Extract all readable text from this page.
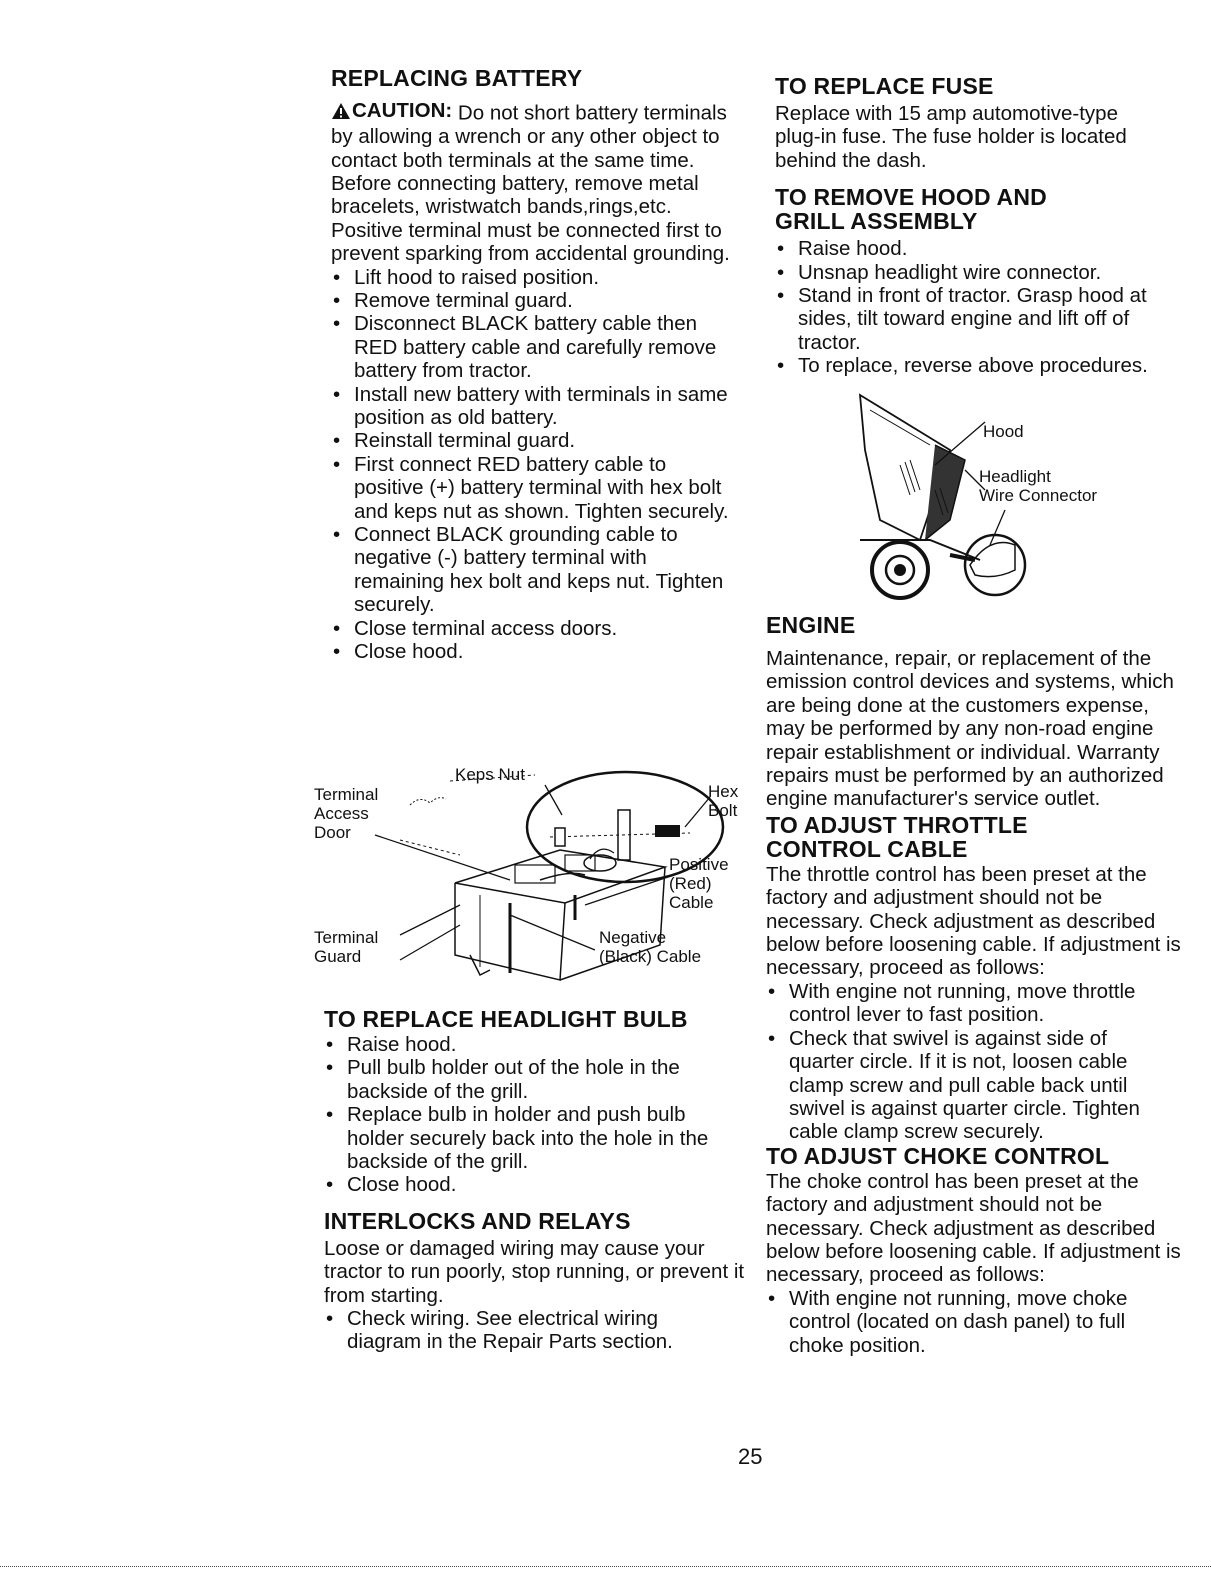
REPLACING BATTERY

CAUTION: Do not short battery terminals by allowing a wrench or any other object to contact both terminals at the same time. Before connecting battery, remove metal bracelets, wristwatch bands,rings,etc.

Positive terminal must be connected first to prevent sparking from accidental grounding.

• Lift hood to raised position.
• Remove terminal guard.
• Disconnect BLACK battery cable then RED battery cable and carefully remove battery from tractor.
• Install new battery with terminals in same position as old battery.
• Reinstall terminal guard.
• First connect RED battery cable to positive (+) battery terminal with hex bolt and keps nut as shown. Tighten securely.
• Connect BLACK grounding cable to negative (-) battery terminal with remaining hex bolt and keps nut. Tighten securely.
• Close terminal access doors.
• Close hood.
Keps Nut
Terminal
Access
Door
Hex
Bolt
Positive
(Red)
Cable
Terminal
Guard
Negative
(Black) Cable
TO REPLACE HEADLIGHT BULB
• Raise hood.
• Pull bulb holder out of the hole in the backside of the grill.
• Replace bulb in holder and push bulb holder securely back into the hole in the backside of the grill.
• Close hood.
INTERLOCKS AND RELAYS

Loose or damaged wiring may cause your tractor to run poorly, stop running, or prevent it from starting.

• Check wiring. See electrical wiring diagram in the Repair Parts section.
TO REPLACE FUSE

Replace with 15 amp automotive-type plug-in fuse. The fuse holder is located behind the dash.

TO REMOVE HOOD AND GRILL ASSEMBLY
• Raise hood.
• Unsnap headlight wire connector.
• Stand in front of tractor. Grasp hood at sides, tilt toward engine and lift off of tractor.
• To replace, reverse above procedures.
Hood
Headlight
Wire Connector
ENGINE

Maintenance, repair, or replacement of the emission control devices and systems, which are being done at the customers expense, may be performed by any non-road engine repair establishment or individual. Warranty repairs must be performed by an authorized engine manufacturer's service outlet.

TO ADJUST THROTTLE CONTROL CABLE

The throttle control has been preset at the factory and adjustment should not be necessary. Check adjustment as described below before loosening cable. If adjustment is necessary, proceed as follows:

• With engine not running, move throttle control lever to fast position.
• Check that swivel is against side of quarter circle. If it is not, loosen cable clamp screw and pull cable back until swivel is against quarter circle. Tighten cable clamp screw securely.
TO ADJUST CHOKE CONTROL

The choke control has been preset at the factory and adjustment should not be necessary. Check adjustment as described below before loosening cable. If adjustment is necessary, proceed as follows:

• With engine not running, move choke control (located on dash panel) to full choke position.
25
